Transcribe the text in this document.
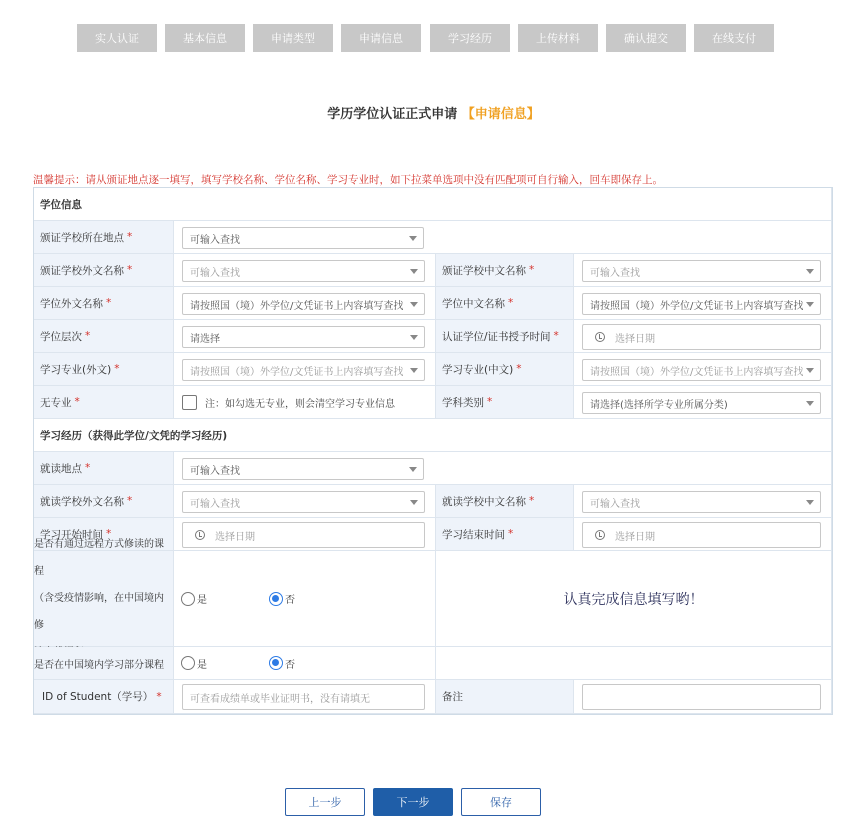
实人认证	基本信息	申请类型	申请信息	学习经历	上传材料	确认提交	在线支付
学历学位认证正式申请 【申请信息】
温馨提示：请从颁证地点逐一填写，填写学校名称、学位名称、学习专业时，如下拉菜单选项中没有匹配项可自行输入，回车即保存上。
学位信息
颁证学校所在地点 *	可输入查找
颁证学校外文名称 *	可输入查找	颁证学校中文名称 *	可输入查找
学位外文名称 *	请按照国（境）外学位/文凭证书上内容填写查找	学位中文名称 *	请按照国（境）外学位/文凭证书上内容填写查找
学位层次 *	请选择	认证学位/证书授予时间 *	选择日期
学习专业(外文) *	请按照国（境）外学位/文凭证书上内容填写查找	学习专业(中文) *	请按照国（境）外学位/文凭证书上内容填写查找
无专业 *	注：如勾选无专业，则会清空学习专业信息	学科类别 *	请选择(选择所学专业所属分类)
学习经历（获得此学位/文凭的学习经历)
就读地点 *	可输入查找
就读学校外文名称 *	可输入查找	就读学校中文名称 *	可输入查找
学习开始时间 *	选择日期	学习结束时间 *	选择日期
是否有通过远程方式修读的课程
（含受疫情影响，在中国境内修
是	否	认真完成信息填写哟！
是否在中国境内学习部分课程	是	否
ID of Student（学号） *	可查看成绩单或毕业证明书，没有请填无	备注
上一步	下一步	保存
